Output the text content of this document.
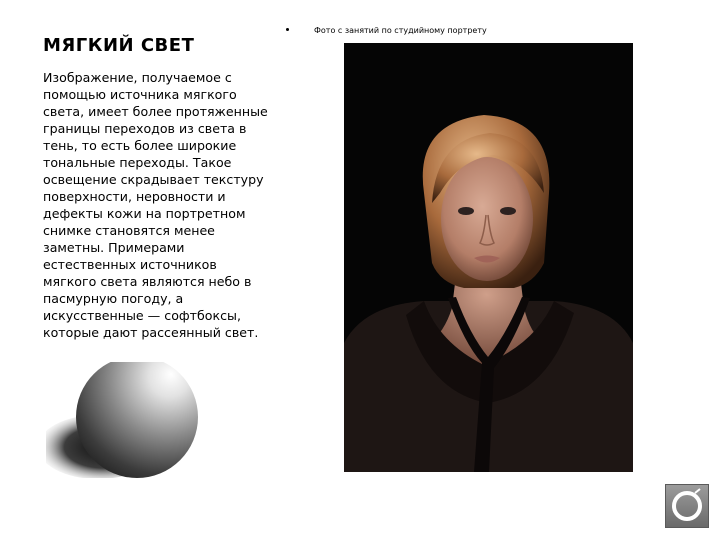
МЯГКИЙ СВЕТ

Изображение, получаемое с помощью источника мягкого света, имеет более протяженные границы переходов из света в тень, то есть более широкие тональные переходы. Такое освещение скрадывает текстуру поверхности, неровности и дефекты кожи на портретном снимке становятся менее заметны. Примерами естественных источников мягкого света являются небо в пасмурную погоду, а искусственные — софтбоксы, которые дают рассеянный свет.

Фото с занятий по студийному портрету
